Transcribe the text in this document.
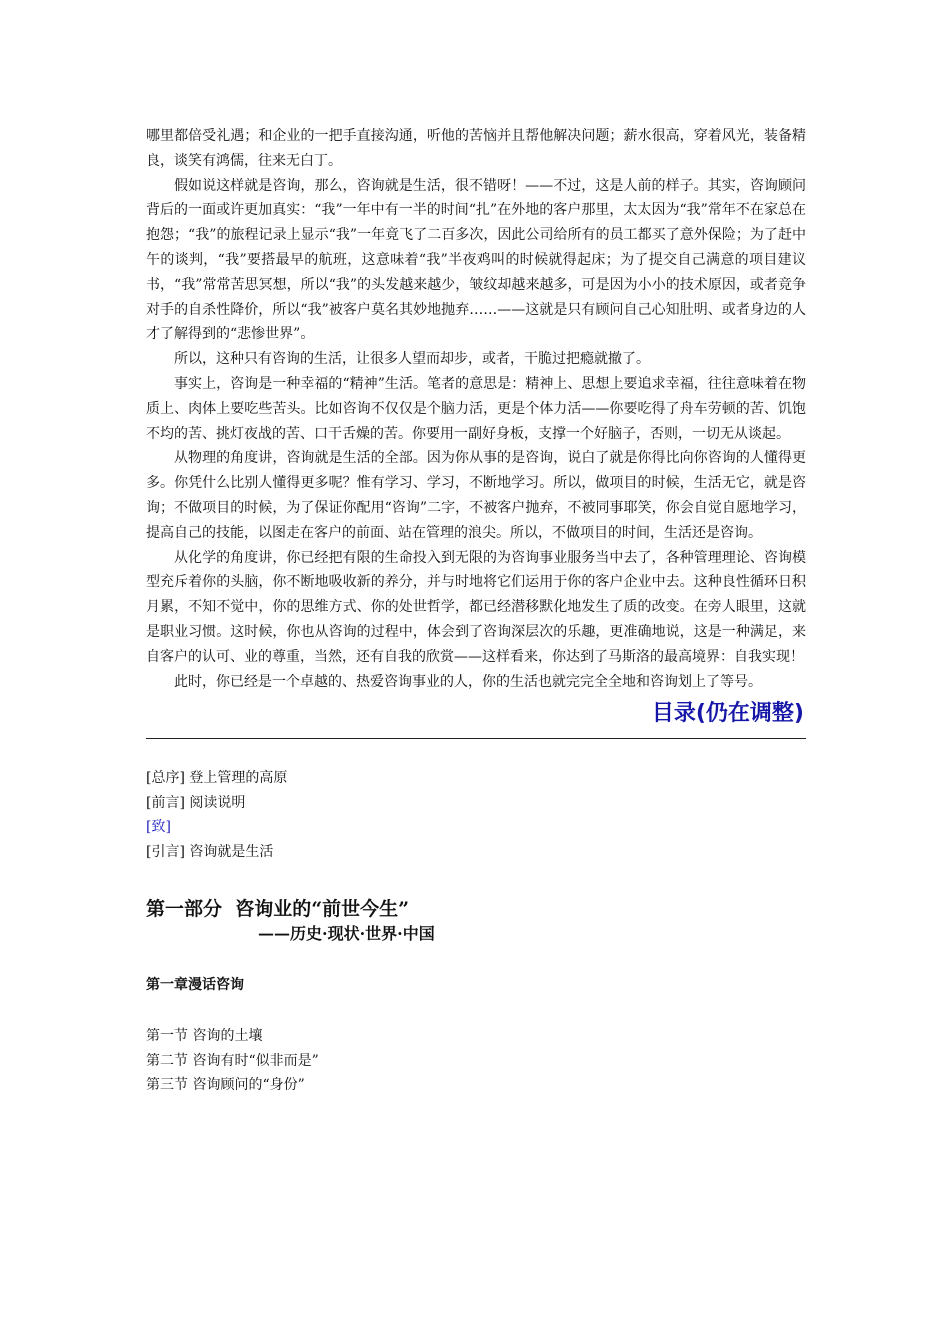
哪里都倍受礼遇；和企业的一把手直接沟通，听他的苦恼并且帮他解决问题；薪水很高，穿着风光，装备精良，谈笑有鸿儒，往来无白丁。

假如说这样就是咨询，那么，咨询就是生活，很不错呀！——不过，这是人前的样子。其实，咨询顾问背后的一面或许更加真实：“我”一年中有一半的时间“扎”在外地的客户那里，太太因为“我”常年不在家总在抱怨；“我”的旅程记录上显示“我”一年竟飞了二百多次，因此公司给所有的员工都买了意外保险；为了赶中午的谈判，“我”要搭最早的航班，这意味着“我”半夜鸡叫的时候就得起床；为了提交自己满意的项目建议书，“我”常常苦思冥想，所以“我”的头发越来越少，皱纹却越来越多，可是因为小小的技术原因，或者竞争对手的自杀性降价，所以“我”被客户莫名其妙地抛弃……——这就是只有顾问自己心知肚明、或者身边的人才了解得到的“悲惨世界”。

所以，这种只有咨询的生活，让很多人望而却步，或者，干脆过把瘾就撤了。

事实上，咨询是一种幸福的“精神”生活。笔者的意思是：精神上、思想上要追求幸福，往往意味着在物质上、肉体上要吃些苦头。比如咨询不仅仅是个脑力活，更是个体力活——你要吃得了舟车劳顿的苦、饥饱不均的苦、挑灯夜战的苦、口干舌燥的苦。你要用一副好身板，支撑一个好脑子，否则，一切无从谈起。

从物理的角度讲，咨询就是生活的全部。因为你从事的是咨询，说白了就是你得比向你咨询的人懂得更多。你凭什么比别人懂得更多呢？惟有学习、学习，不断地学习。所以，做项目的时候，生活无它，就是咨询；不做项目的时候，为了保证你配用“咨询”二字，不被客户抛弃，不被同事耶笑，你会自觉自愿地学习，提高自己的技能，以图走在客户的前面、站在管理的浪尖。所以，不做项目的时间，生活还是咨询。

从化学的角度讲，你已经把有限的生命投入到无限的为咨询事业服务当中去了，各种管理理论、咨询模型充斥着你的头脑，你不断地吸收新的养分，并与时地将它们运用于你的客户企业中去。这种良性循环日积月累，不知不觉中，你的思维方式、你的处世哲学，都已经潜移默化地发生了质的改变。在旁人眼里，这就是职业习惯。这时候，你也从咨询的过程中，体会到了咨询深层次的乐趣，更准确地说，这是一种满足，来自客户的认可、业的尊重，当然，还有自我的欣赏——这样看来，你达到了马斯洛的最高境界：自我实现！

此时，你已经是一个卓越的、热爱咨询事业的人，你的生活也就完完全全地和咨询划上了等号。

目录(仍在调整)
[总序] 登上管理的高原
[前言] 阅读说明
[致]
[引言] 咨询就是生活
第一部分  咨询业的“前世今生”
——历史·现状·世界·中国
第一章漫话咨询
第一节 咨询的土壤
第二节 咨询有时“似非而是”
第三节 咨询顾问的“身份”
